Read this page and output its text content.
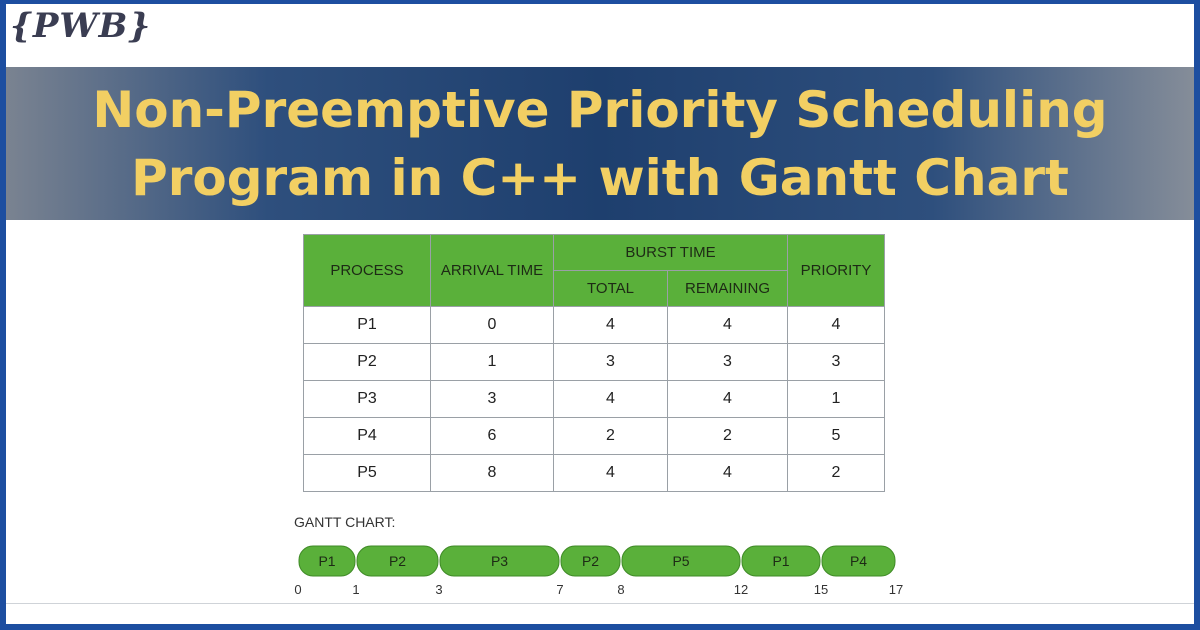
{PWB}
Non-Preemptive Priority Scheduling
Program in C++ with Gantt Chart
PROCESS	ARRIVAL TIME	BURST TIME		PRIORITY
		TOTAL	REMAINING	
P1	0	4	4	4
P2	1	3	3	3
P3	3	4	4	1
P4	6	2	2	5
P5	8	4	4	2
GANTT CHART:
P1	P2	P3	P2	P5	P1	P4
0	1	3	7	8	12	15	17
